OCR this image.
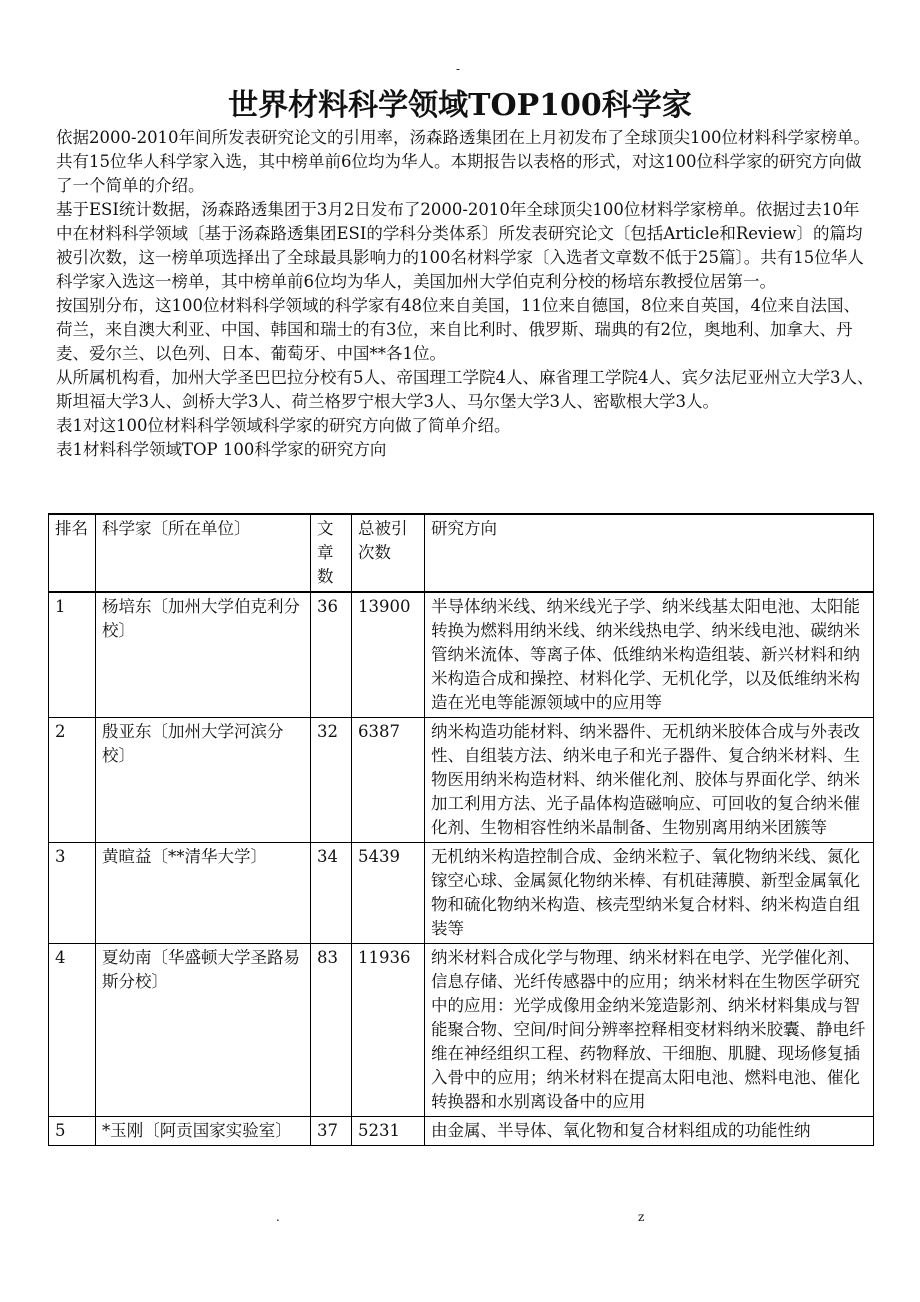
-
世界材料科学领域TOP100科学家

依据2000-2010年间所发表研究论文的引用率，汤森路透集团在上月初发布了全球顶尖100位材料科学家榜单。共有15位华人科学家入选，其中榜单前6位均为华人。本期报告以表格的形式，对这100位科学家的研究方向做了一个简单的介绍。

基于ESI统计数据，汤森路透集团于3月2日发布了2000-2010年全球顶尖100位材料学家榜单。依据过去10年中在材料科学领域〔基于汤森路透集团ESI的学科分类体系〕所发表研究论文〔包括Article和Review〕的篇均被引次数，这一榜单项选择出了全球最具影响力的100名材料学家〔入选者文章数不低于25篇〕。共有15位华人科学家入选这一榜单，其中榜单前6位均为华人，美国加州大学伯克利分校的杨培东教授位居第一。

按国别分布，这100位材料科学领域的科学家有48位来自美国，11位来自德国，8位来自英国，4位来自法国、荷兰，来自澳大利亚、中国、韩国和瑞士的有3位，来自比利时、俄罗斯、瑞典的有2位，奥地利、加拿大、丹麦、爱尔兰、以色列、日本、葡萄牙、中国**各1位。

从所属机构看，加州大学圣巴巴拉分校有5人、帝国理工学院4人、麻省理工学院4人、宾夕法尼亚州立大学3人、斯坦福大学3人、剑桥大学3人、荷兰格罗宁根大学3人、马尔堡大学3人、密歇根大学3人。

表1对这100位材料科学领域科学家的研究方向做了简单介绍。

表1材料科学领域TOP 100科学家的研究方向

排名	科学家〔所在单位〕	文章数	总被引次数	研究方向
1	杨培东〔加州大学伯克利分校〕	36	13900	半导体纳米线、纳米线光子学、纳米线基太阳电池、太阳能转换为燃料用纳米线、纳米线热电学、纳米线电池、碳纳米管纳米流体、等离子体、低维纳米构造组装、新兴材料和纳米构造合成和操控、材料化学、无机化学，以及低维纳米构造在光电等能源领域中的应用等
2	殷亚东〔加州大学河滨分校〕	32	6387	纳米构造功能材料、纳米器件、无机纳米胶体合成与外表改性、自组装方法、纳米电子和光子器件、复合纳米材料、生物医用纳米构造材料、纳米催化剂、胶体与界面化学、纳米加工利用方法、光子晶体构造磁响应、可回收的复合纳米催化剂、生物相容性纳米晶制备、生物别离用纳米团簇等
3	黄暄益〔**清华大学〕	34	5439	无机纳米构造控制合成、金纳米粒子、氧化物纳米线、氮化镓空心球、金属氮化物纳米棒、有机硅薄膜、新型金属氧化物和硫化物纳米构造、核壳型纳米复合材料、纳米构造自组装等
4	夏幼南〔华盛顿大学圣路易斯分校〕	83	11936	纳米材料合成化学与物理、纳米材料在电学、光学催化剂、信息存储、光纤传感器中的应用；纳米材料在生物医学研究中的应用：光学成像用金纳米笼造影剂、纳米材料集成与智能聚合物、空间/时间分辨率控释相变材料纳米胶囊、静电纤维在神经组织工程、药物释放、干细胞、肌腱、现场修复插入骨中的应用；纳米材料在提高太阳电池、燃料电池、催化转换器和水别离设备中的应用
5	*玉刚〔阿贡国家实验室〕	37	5231	由金属、半导体、氧化物和复合材料组成的功能性纳
.	z
